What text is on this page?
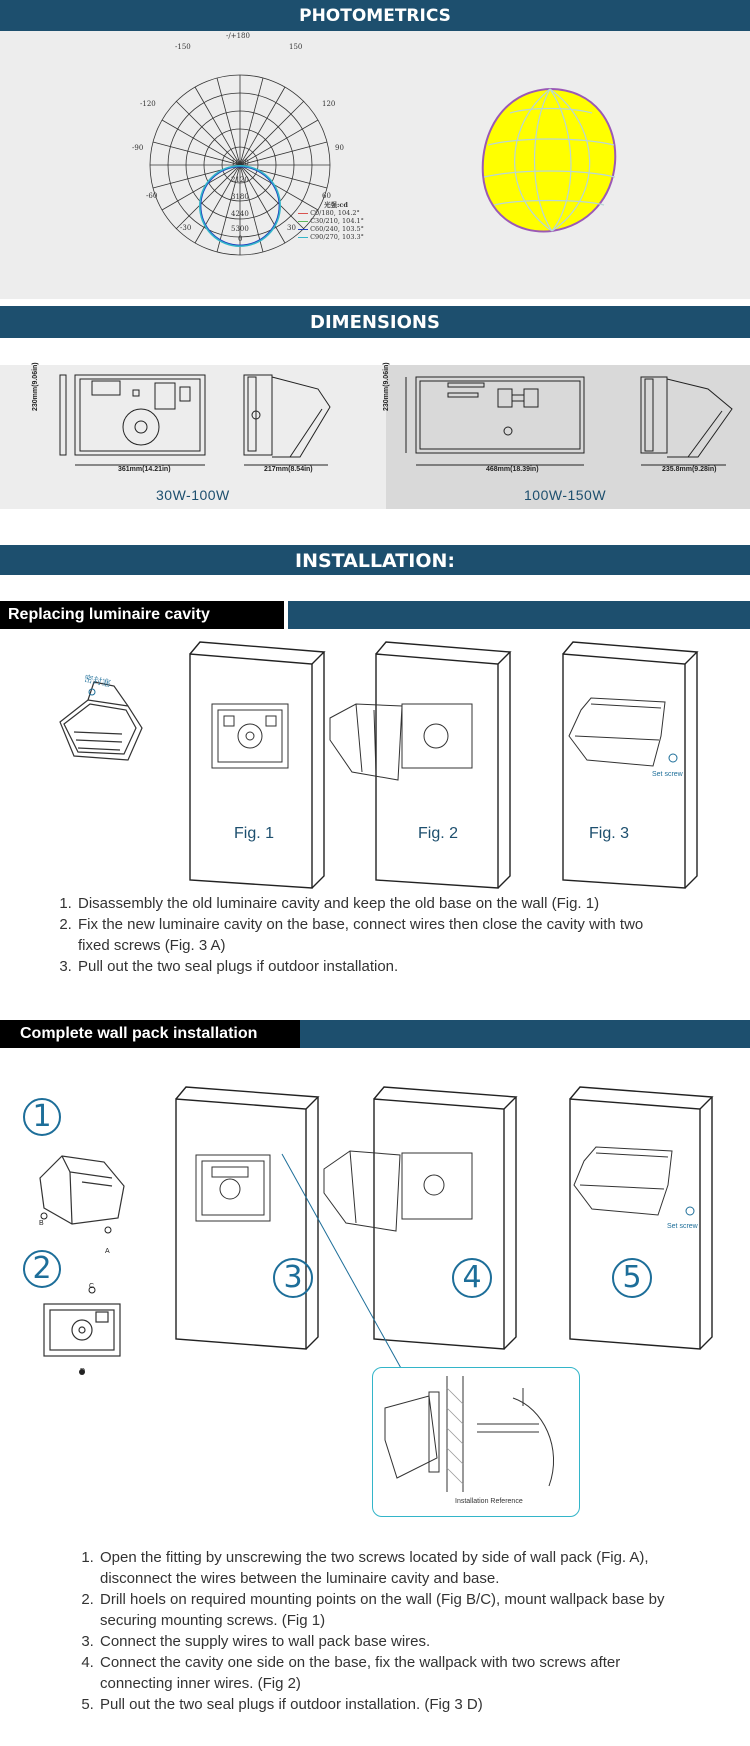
PHOTOMETRICS
-/+180
-150	150
-120	120
-90	90
-60	60
-30	30
0
1060
2120
3180
4240
5300
光强:cd
C0/180, 104.2°
C30/210, 104.1°
C60/240, 103.5°
C90/270, 103.3°
DIMENSIONS
361mm(14.21in)
230mm(9.06in)
217mm(8.54in)
30W-100W
468mm(18.39in)
230mm(9.06in)
235.8mm(9.28in)
100W-150W
INSTALLATION:
Replacing luminaire cavity installation
密封塞
Fig. 1	Fig. 2
Set screw
Fig. 3
1. Disassembly the old luminaire cavity and keep the old base on the wall (Fig. 1)
2. Fix the new luminaire cavity on the base, connect wires then close the cavity with two fixed screws (Fig. 3 A)
3. Pull out the two seal plugs if outdoor installation.
Complete wall pack installation
1
B
A
2
C
D
3	4
Set screw
5
Installation Reference
1. Open the fitting by unscrewing the two screws located by side of wall pack (Fig. A), disconnect the wires between the luminaire cavity and base.
2. Drill hoels on required mounting points on the wall (Fig B/C), mount wallpack base by securing mounting screws. (Fig 1)
3. Connect the supply wires to wall pack base wires.
4. Connect the cavity one side on the base, fix the wallpack with two screws after connecting inner wires. (Fig 2)
5. Pull out the two seal plugs if outdoor installation. (Fig 3 D)
